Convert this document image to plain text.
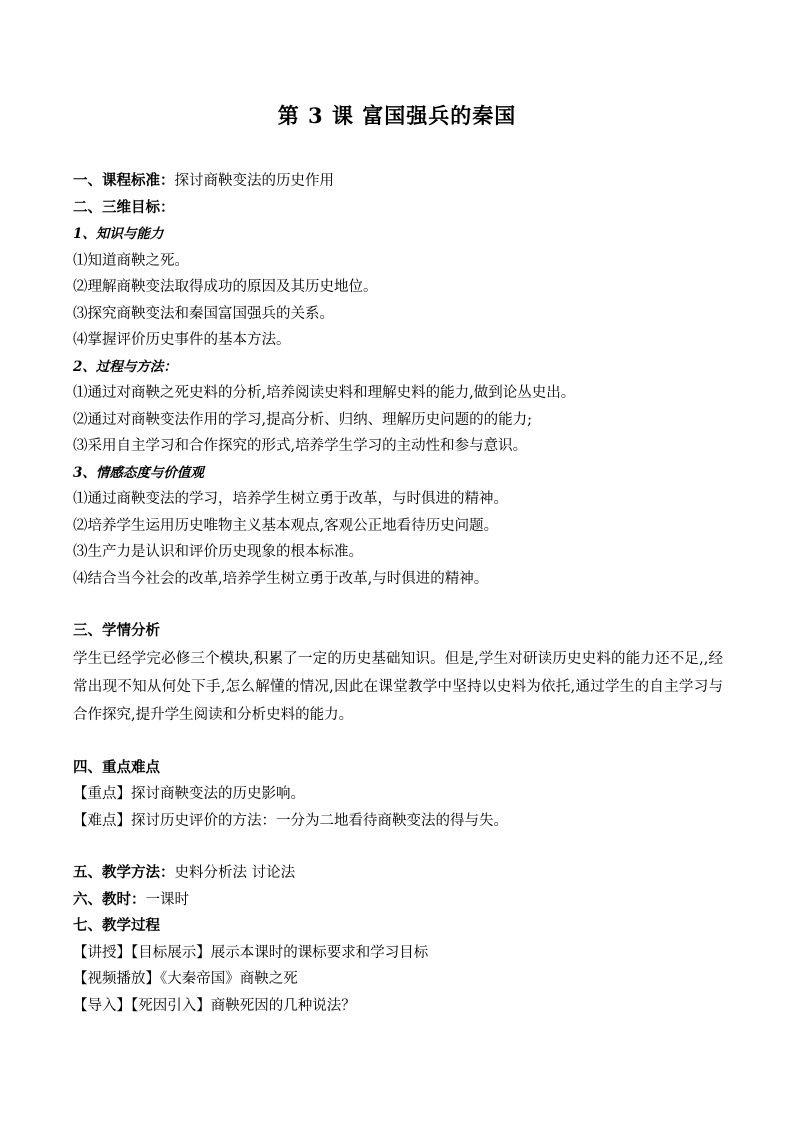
第 3 课 富国强兵的秦国
一、课程标准：探讨商鞅变法的历史作用
二、三维目标：
1、知识与能力
⑴知道商鞅之死。
⑵理解商鞅变法取得成功的原因及其历史地位。
⑶探究商鞅变法和秦国富国强兵的关系。
⑷掌握评价历史事件的基本方法。
2、过程与方法：
⑴通过对商鞅之死史料的分析,培养阅读史料和理解史料的能力,做到论丛史出。
⑵通过对商鞅变法作用的学习,提高分析、归纳、理解历史问题的的能力;
⑶采用自主学习和合作探究的形式,培养学生学习的主动性和参与意识。
3、情感态度与价值观
⑴通过商鞅变法的学习，培养学生树立勇于改革，与时俱进的精神。
⑵培养学生运用历史唯物主义基本观点,客观公正地看待历史问题。
⑶生产力是认识和评价历史现象的根本标准。
⑷结合当今社会的改革,培养学生树立勇于改革,与时俱进的精神。
三、学情分析
学生已经学完必修三个模块,积累了一定的历史基础知识。但是,学生对研读历史史料的能力还不足,,经常出现不知从何处下手,怎么解懂的情况,因此在课堂教学中坚持以史料为依托,通过学生的自主学习与合作探究,提升学生阅读和分析史料的能力。
四、重点难点
【重点】探讨商鞅变法的历史影响。
【难点】探讨历史评价的方法：一分为二地看待商鞅变法的得与失。
五、教学方法：史料分析法 讨论法
六、教时：一课时
七、教学过程
【讲授】【目标展示】展示本课时的课标要求和学习目标
【视频播放】《大秦帝国》商鞅之死
【导入】【死因引入】商鞅死因的几种说法？
